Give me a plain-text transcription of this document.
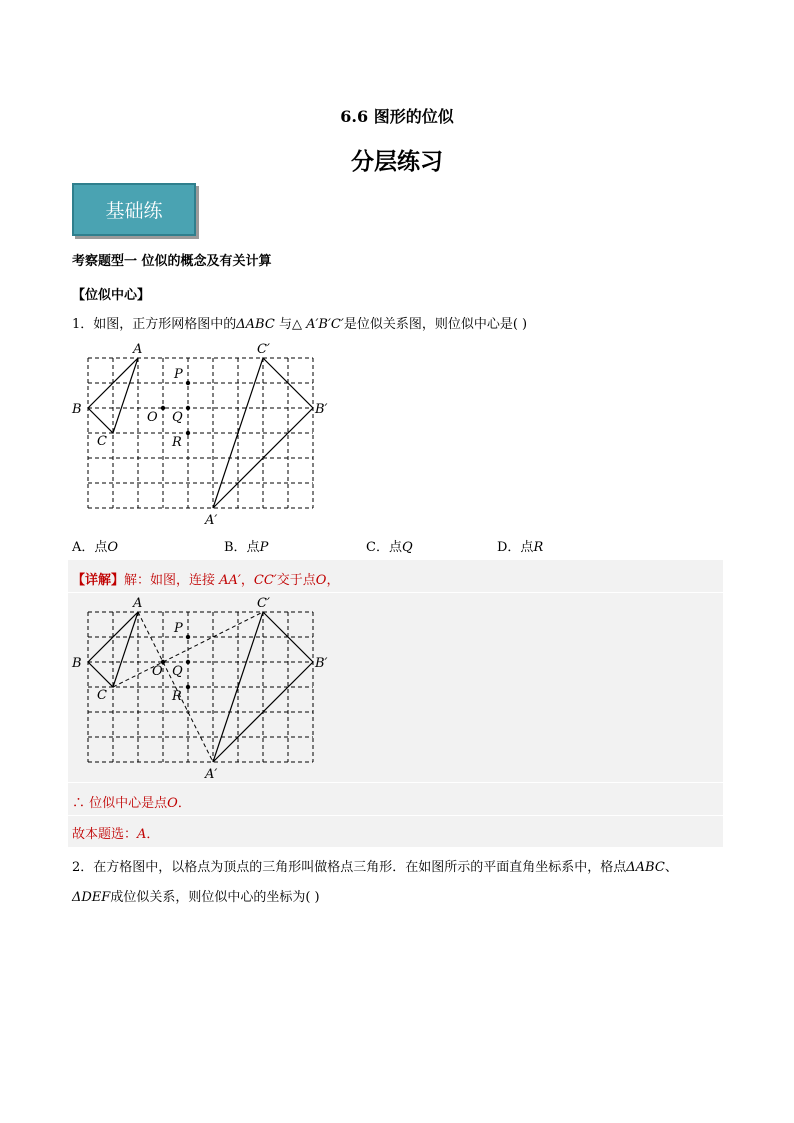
6.6 图形的位似
分层练习
基础练
考察题型一 位似的概念及有关计算
【位似中心】
1．如图，正方形网格图中的ΔABC 与△ A′B′C′是位似关系图，则位似中心是( )
A
B
C
C′
B′
A′
P
O Q
R
A．点O	B．点P	C．点Q	D．点R
【详解】解：如图，连接 AA′，CC′交于点O，
A
B
C
C′
B′
A′
P
O Q
R
∴ 位似中心是点O．
故本题选：A．
2．在方格图中，以格点为顶点的三角形叫做格点三角形．在如图所示的平面直角坐标系中，格点ΔABC、
ΔDEF成位似关系，则位似中心的坐标为( )
